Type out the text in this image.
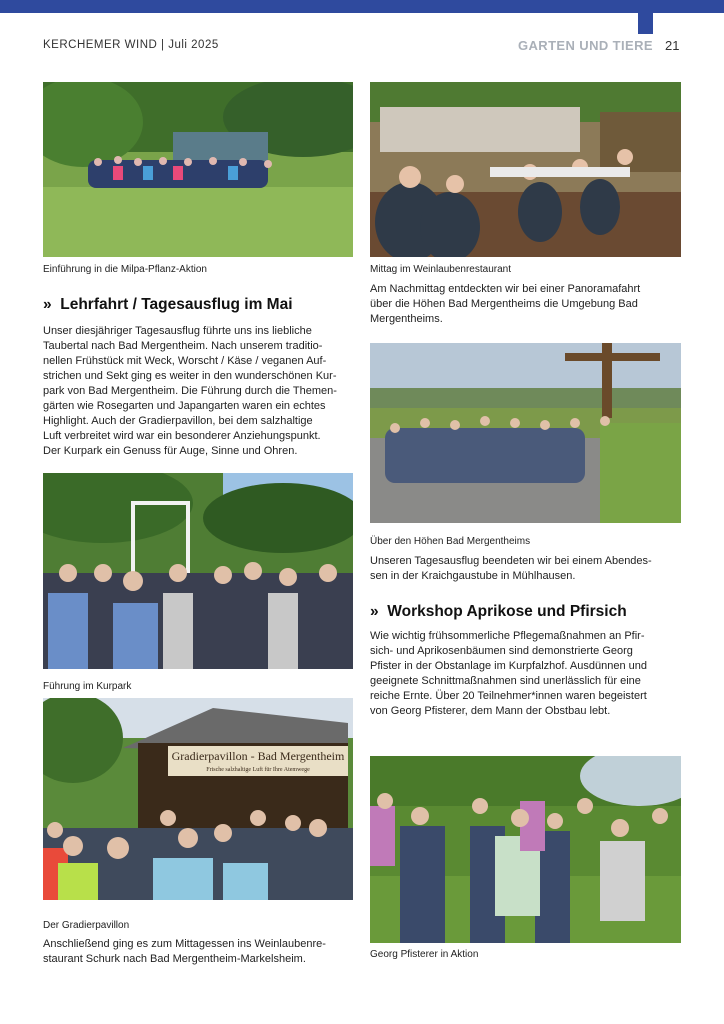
KERCHEMER WIND | Juli 2025	GARTEN UND TIERE 21
Einführung in die Milpa-Pflanz-Aktion	Mittag im Weinlaubenrestaurant
» Lehrfahrt / Tagesausflug im Mai
Unser diesjähriger Tagesausflug führte uns ins liebliche
Taubertal nach Bad Mergentheim. Nach unserem traditio-
nellen Frühstück mit Weck, Worscht / Käse / veganen Auf-
strichen und Sekt ging es weiter in den wunderschönen Kur-
park von Bad Mergentheim. Die Führung durch die Themen-
gärten wie Rosegarten und Japangarten waren ein echtes
Highlight. Auch der Gradierpavillon, bei dem salzhaltige
Luft verbreitet wird war ein besonderer Anziehungspunkt.
Der Kurpark ein Genuss für Auge, Sinne und Ohren.
Am Nachmittag entdeckten wir bei einer Panoramafahrt
über die Höhen Bad Mergentheims die Umgebung Bad
Mergentheims.
Über den Höhen Bad Mergentheims
Unseren Tagesausflug beendeten wir bei einem Abendes-
sen in der Kraichgaustube in Mühlhausen.
» Workshop Aprikose und Pfirsich
Wie wichtig frühsommerliche Pflegemaßnahmen an Pfir-
sich- und Aprikosenbäumen sind demonstrierte Georg
Pfister in der Obstanlage im Kurpfalzhof. Ausdünnen und
geeignete Schnittmaßnahmen sind unerlässlich für eine
reiche Ernte. Über 20 Teilnehmer*innen waren begeistert
von Georg Pfisterer, dem Mann der Obstbau lebt.
Führung im Kurpark
Gradierpavillon - Bad Mergentheim
Frische salzhaltige Luft für Ihre Atemwege
Der Gradierpavillon
Anschließend ging es zum Mittagessen ins Weinlaubenre-
staurant Schurk nach Bad Mergentheim-Markelsheim.	Georg Pfisterer in Aktion
